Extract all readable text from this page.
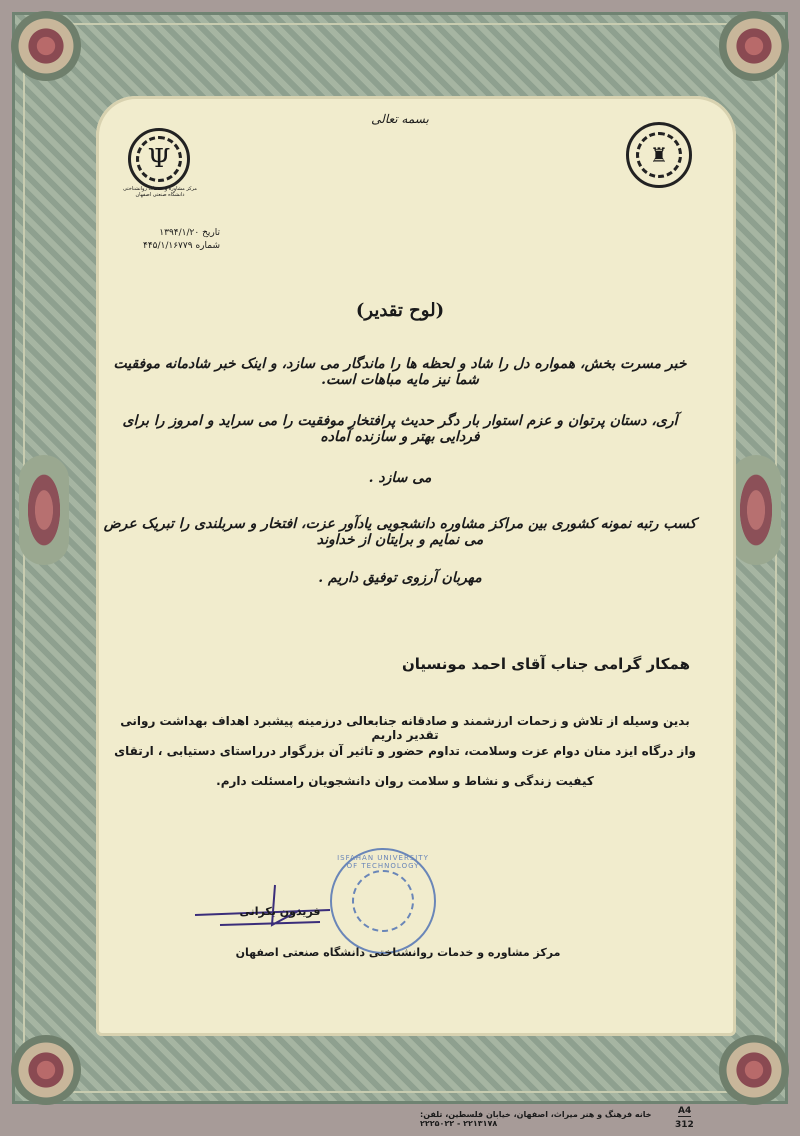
بسمه تعالی
Ψ
مرکز مشاوره و خدمات روانشناختی دانشگاه صنعتی اصفهان
♜
تاریخ ۱۳۹۴/۱/۲۰
شماره ۴۴۵/۱/۱۶۷۷۹
(لوح تقدیر)
خبر مسرت بخش، همواره دل را شاد و لحظه ها را ماندگار می سازد، و اینک خبر شادمانه موفقیت شما نیز مایه مباهات است.
آری، دستان پرتوان و عزم استوار بار دگر حدیث پرافتخار موفقیت را می سراید و امروز را برای فردایی بهتر و سازنده آماده
می سازد .
کسب رتبه نمونه کشوری بین مراکز مشاوره دانشجویی یادآور عزت، افتخار و سربلندی را تبریک عرض می نمایم و برایتان از خداوند
مهربان آرزوی توفیق داریم .
همکار گرامی جناب آقای احمد مونسیان
بدین وسیله از تلاش و زحمات ارزشمند و صادقانه جنابعالی درزمینه پیشبرد اهداف بهداشت روانی تقدیر داریم
واز درگاه ایزد منان دوام عزت وسلامت، تداوم حضور و تاثیر آن بزرگوار درراستای دستیابی ، ارتقای
کیفیت زندگی و نشاط و سلامت روان دانشجویان رامسئلت دارم.
ISFAHAN UNIVERSITY OF TECHNOLOGY
فریدون بکرانی
مرکز مشاوره و خدمات روانشناختی دانشگاه صنعتی اصفهان
خانه فرهنگ و هنر میراث، اصفهان، خیابان فلسطین، تلفن: ۲۲۱۳۱۷۸ - ۲۲۲۵۰۲۲
A4
312
